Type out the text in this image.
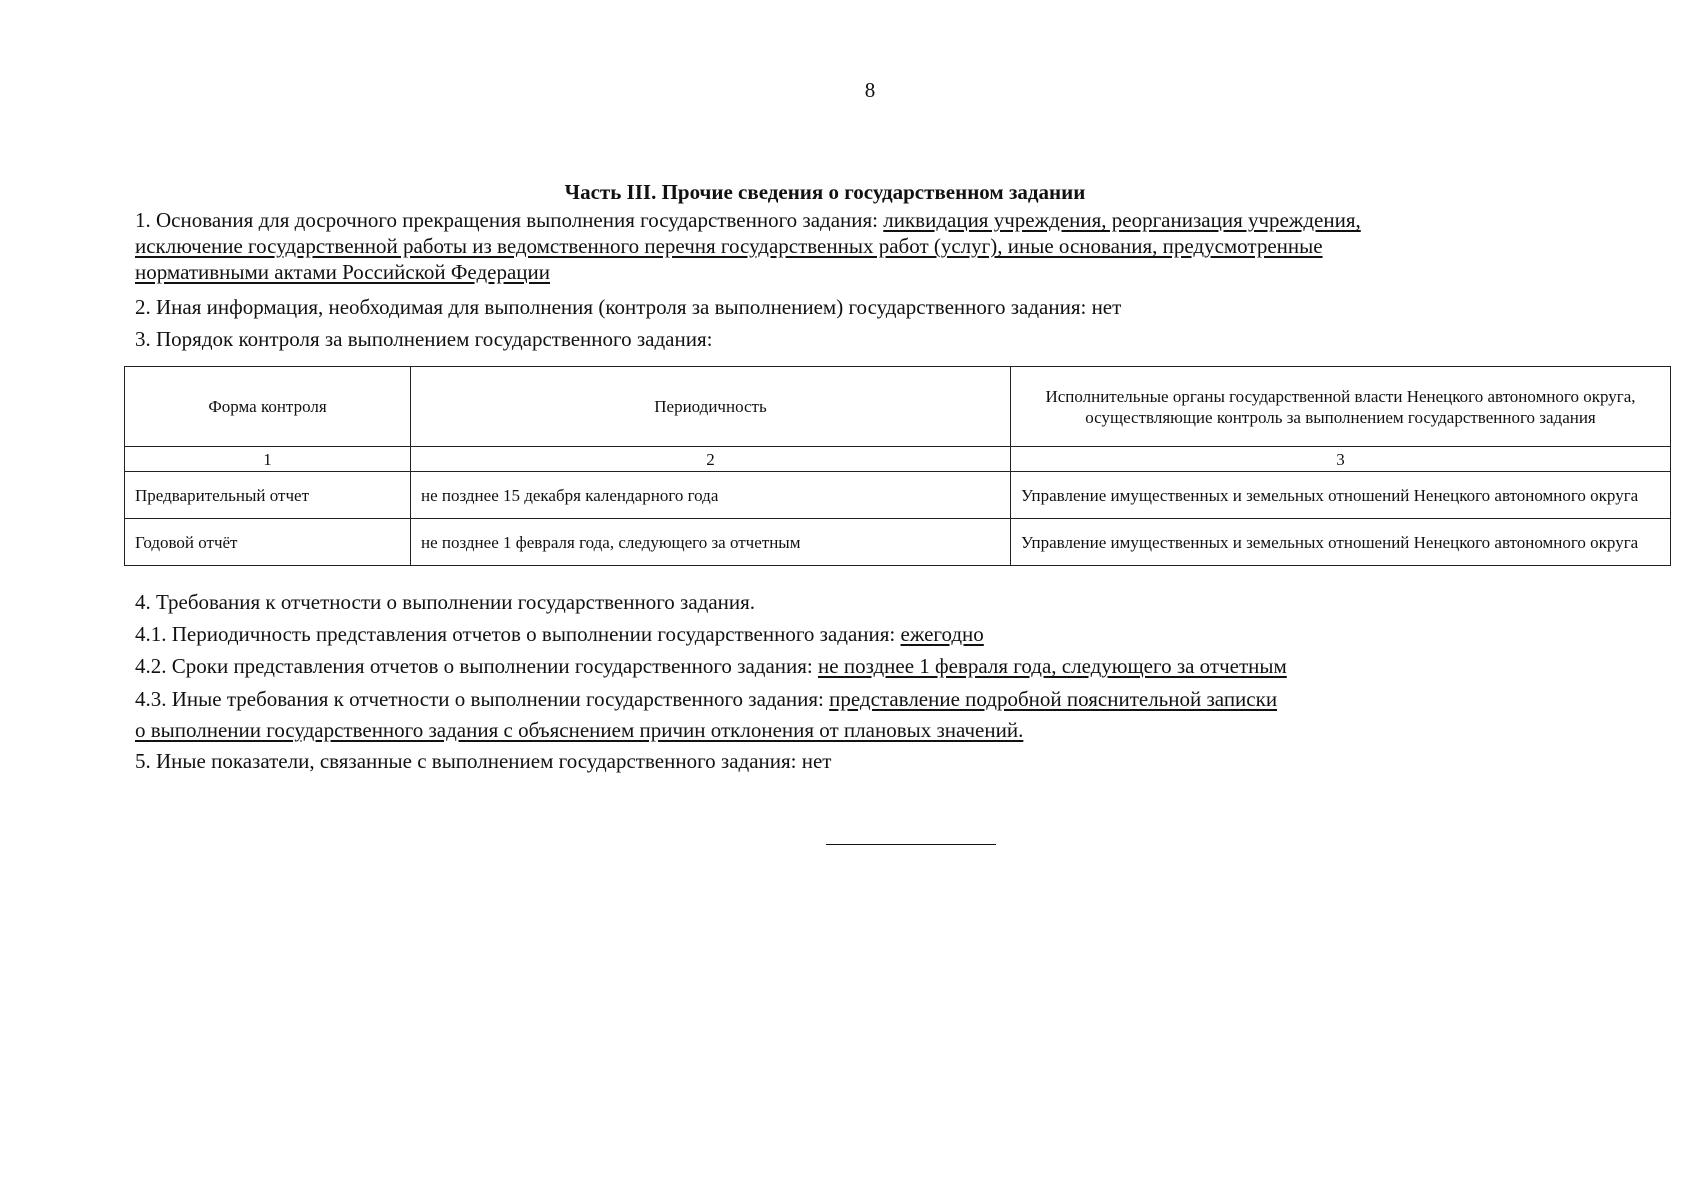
8
Часть III. Прочие сведения о государственном задании
1. Основания для досрочного прекращения выполнения государственного задания: ликвидация учреждения, реорганизация учреждения,
исключение государственной работы из ведомственного перечня государственных работ (услуг), иные основания, предусмотренные
нормативными актами Российской Федерации
2. Иная информация, необходимая для выполнения (контроля за выполнением) государственного задания: нет
3. Порядок контроля за выполнением государственного задания:
Форма контроля	Периодичность	Исполнительные органы государственной власти Ненецкого автономного округа, осуществляющие контроль за выполнением государственного задания
1	2	3
Предварительный отчет	не позднее 15 декабря календарного года	Управление имущественных и земельных отношений Ненецкого автономного округа
Годовой отчёт	не позднее 1 февраля года, следующего за отчетным	Управление имущественных и земельных отношений Ненецкого автономного округа
4. Требования к отчетности о выполнении государственного задания.
4.1. Периодичность представления отчетов о выполнении государственного задания: ежегодно
4.2. Сроки представления отчетов о выполнении государственного задания: не позднее 1 февраля года, следующего за отчетным
4.3. Иные требования к отчетности о выполнении государственного задания: представление подробной пояснительной записки
о выполнении государственного задания с объяснением причин отклонения от плановых значений.
5. Иные показатели, связанные с выполнением государственного задания: нет
